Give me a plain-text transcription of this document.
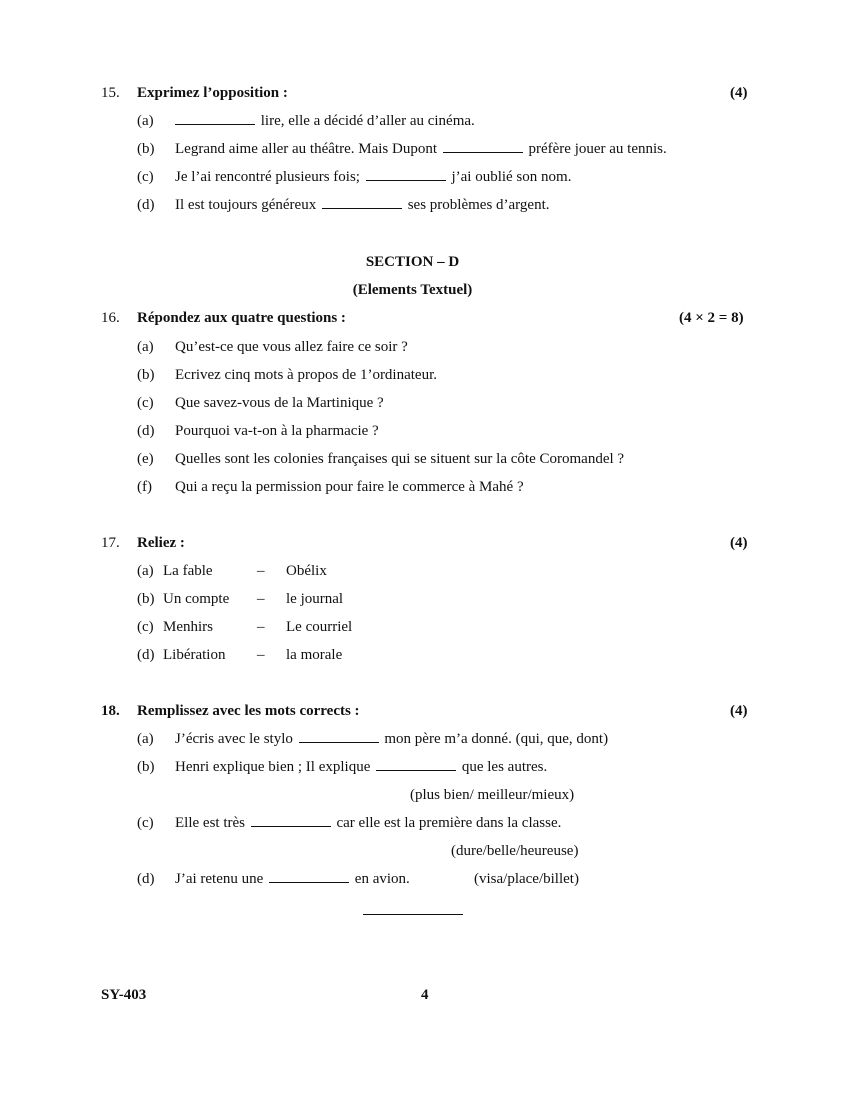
15. Exprimez l’opposition :	(4)
(a)	lire, elle a décidé d’aller au cinéma.
(b) Legrand aime aller au théâtre. Mais Dupont	préfère jouer au tennis.
(c) Je l’ai rencontré plusieurs fois;	j’ai oublié son nom.
(d) Il est toujours généreux	ses problèmes d’argent.
SECTION – D
(Elements Textuel)
16. Répondez aux quatre questions :	(4 × 2 = 8)
(a) Qu’est-ce que vous allez faire ce soir ?
(b) Ecrivez cinq mots à propos de 1’ordinateur.
(c) Que savez-vous de la Martinique ?
(d) Pourquoi va-t-on à la pharmacie ?
(e) Quelles sont les colonies françaises qui se situent sur la côte Coromandel ?
(f) Qui a reçu la permission pour faire le commerce à Mahé ?
17. Reliez :	(4)
(a) La fable	– Obélix
(b) Un compte – le journal
(c) Menhirs	– Le courriel
(d) Libération – la morale
18. Remplissez avec les mots corrects :	(4)
(a) J’écris avec le stylo	mon père m’a donné. (qui, que, dont)
(b) Henri explique bien ; Il explique	que les autres.
(plus bien/ meilleur/mieux)
(c) Elle est très	car elle est la première dans la classe.
(dure/belle/heureuse)
(d) J’ai retenu une	en avion.	(visa/place/billet)
SY-403	4
